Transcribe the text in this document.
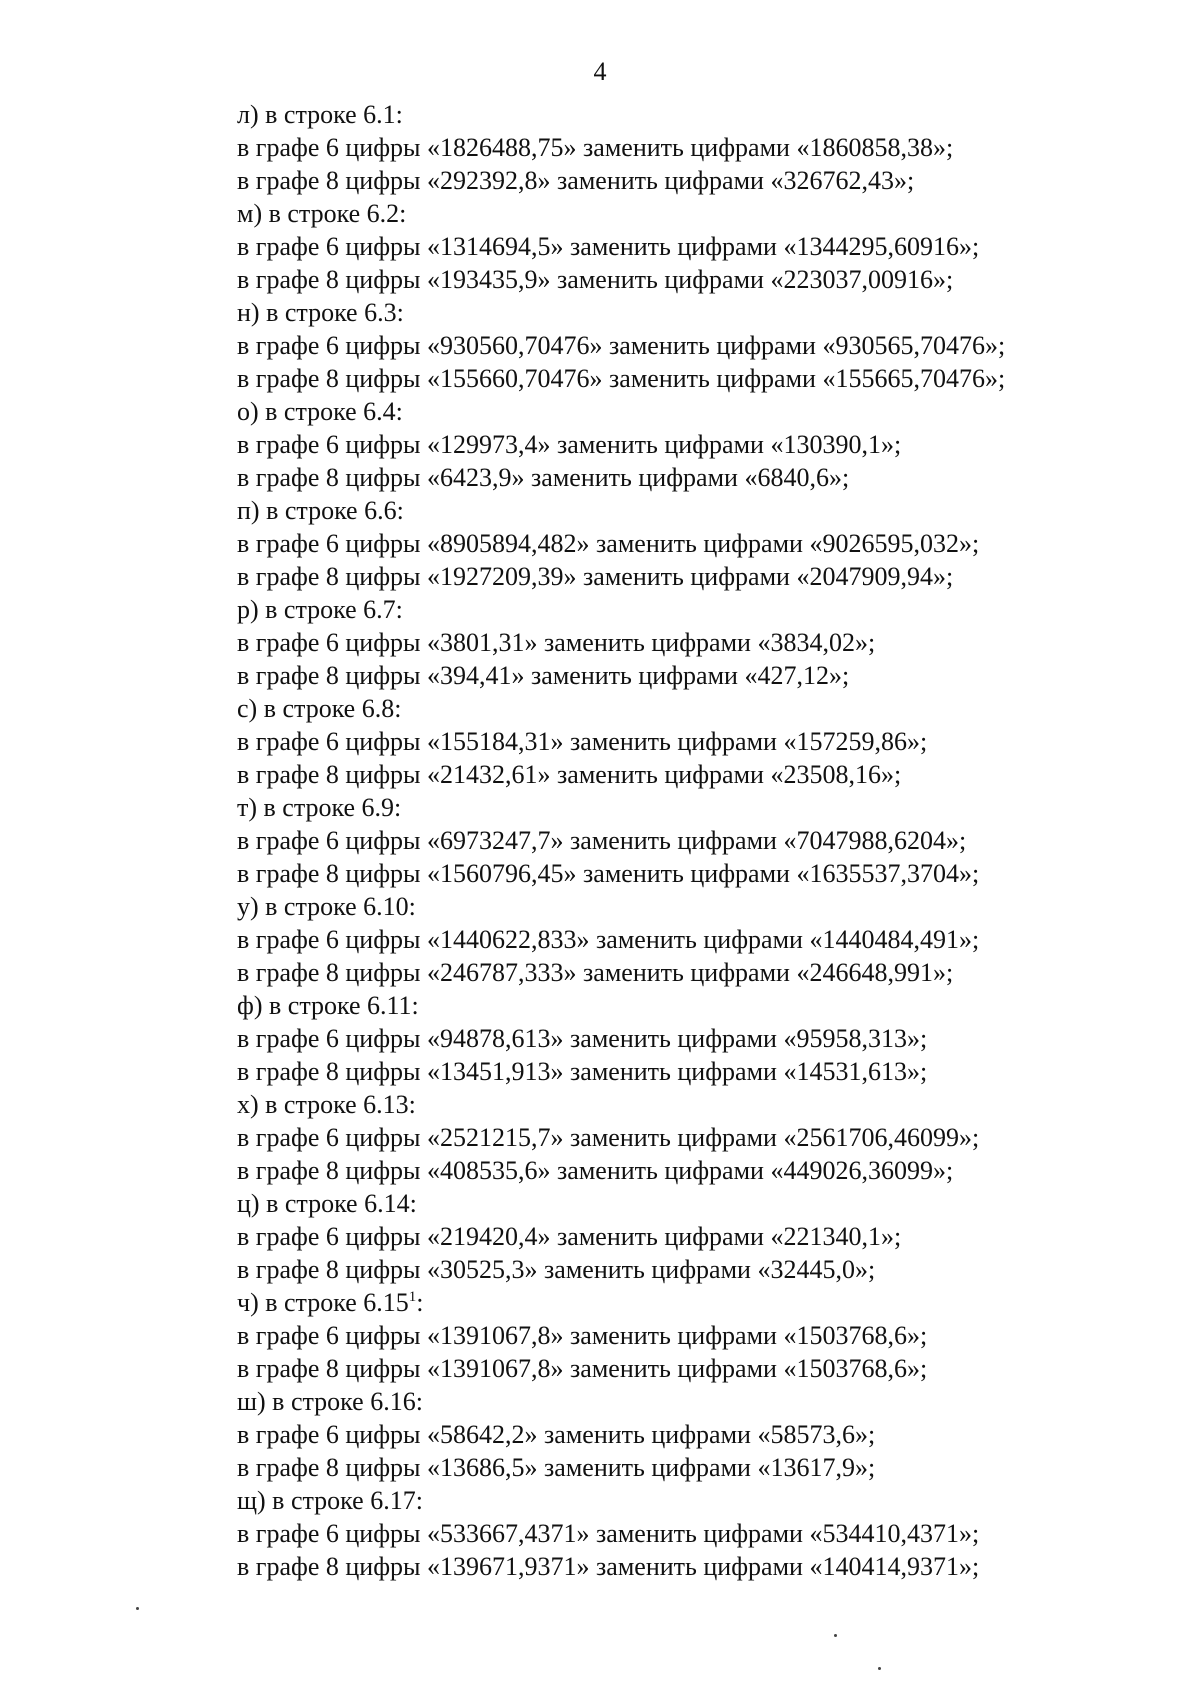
4
л) в строке 6.1:
в графе 6 цифры «1826488,75» заменить цифрами «1860858,38»;
в графе 8 цифры «292392,8» заменить цифрами «326762,43»;
м) в строке 6.2:
в графе 6 цифры «1314694,5» заменить цифрами «1344295,60916»;
в графе 8 цифры «193435,9» заменить цифрами «223037,00916»;
н) в строке 6.3:
в графе 6 цифры «930560,70476» заменить цифрами «930565,70476»;
в графе 8 цифры «155660,70476» заменить цифрами «155665,70476»;
о) в строке 6.4:
в графе 6 цифры «129973,4» заменить цифрами «130390,1»;
в графе 8 цифры «6423,9» заменить цифрами «6840,6»;
п) в строке 6.6:
в графе 6 цифры «8905894,482» заменить цифрами «9026595,032»;
в графе 8 цифры «1927209,39» заменить цифрами «2047909,94»;
р) в строке 6.7:
в графе 6 цифры «3801,31» заменить цифрами «3834,02»;
в графе 8 цифры «394,41» заменить цифрами «427,12»;
с) в строке 6.8:
в графе 6 цифры «155184,31» заменить цифрами «157259,86»;
в графе 8 цифры «21432,61» заменить цифрами «23508,16»;
т) в строке 6.9:
в графе 6 цифры «6973247,7» заменить цифрами «7047988,6204»;
в графе 8 цифры «1560796,45» заменить цифрами «1635537,3704»;
у) в строке 6.10:
в графе 6 цифры «1440622,833» заменить цифрами «1440484,491»;
в графе 8 цифры «246787,333» заменить цифрами «246648,991»;
ф) в строке 6.11:
в графе 6 цифры «94878,613» заменить цифрами «95958,313»;
в графе 8 цифры «13451,913» заменить цифрами «14531,613»;
х) в строке 6.13:
в графе 6 цифры «2521215,7» заменить цифрами «2561706,46099»;
в графе 8 цифры «408535,6» заменить цифрами «449026,36099»;
ц) в строке 6.14:
в графе 6 цифры «219420,4» заменить цифрами «221340,1»;
в графе 8 цифры «30525,3» заменить цифрами «32445,0»;
ч) в строке 6.15$^1$:
в графе 6 цифры «1391067,8» заменить цифрами «1503768,6»;
в графе 8 цифры «1391067,8» заменить цифрами «1503768,6»;
ш) в строке 6.16:
в графе 6 цифры «58642,2» заменить цифрами «58573,6»;
в графе 8 цифры «13686,5» заменить цифрами «13617,9»;
щ) в строке 6.17:
в графе 6 цифры «533667,4371» заменить цифрами «534410,4371»;
в графе 8 цифры «139671,9371» заменить цифрами «140414,9371»;
